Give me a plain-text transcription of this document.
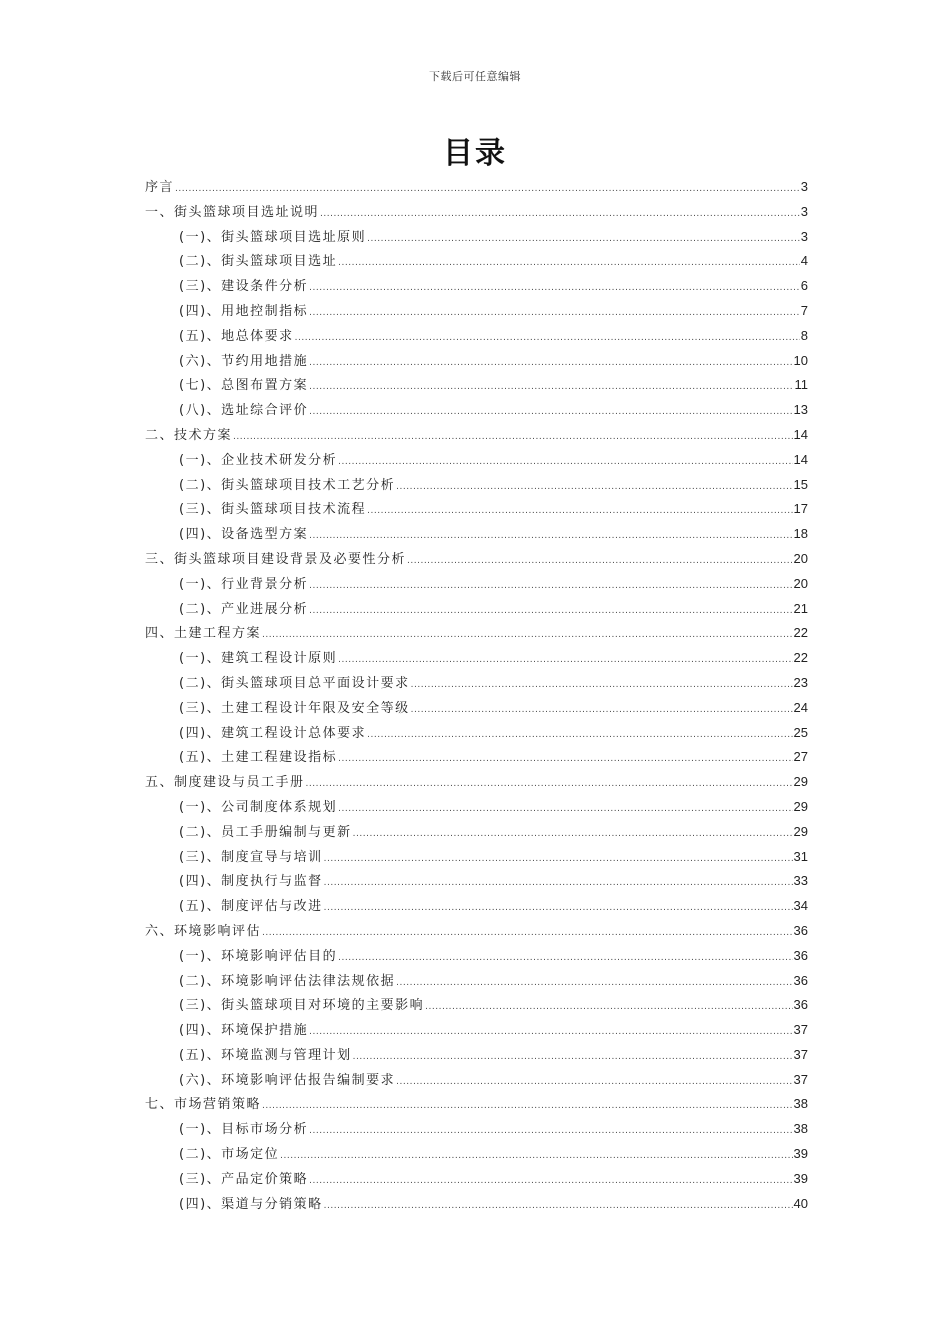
下载后可任意编辑
目录
序言 .....	3
一、街头篮球项目选址说明 .....	3
(一)、街头篮球项目选址原则 .....	3
(二)、街头篮球项目选址 .....	4
(三)、建设条件分析 .....	6
(四)、用地控制指标 .....	7
(五)、地总体要求 .....	8
(六)、节约用地措施 .....	10
(七)、总图布置方案 .....	11
(八)、选址综合评价 .....	13
二、技术方案 .....	14
(一)、企业技术研发分析 .....	14
(二)、街头篮球项目技术工艺分析 .....	15
(三)、街头篮球项目技术流程 .....	17
(四)、设备选型方案 .....	18
三、街头篮球项目建设背景及必要性分析 .....	20
(一)、行业背景分析 .....	20
(二)、产业进展分析 .....	21
四、土建工程方案 .....	22
(一)、建筑工程设计原则 .....	22
(二)、街头篮球项目总平面设计要求 .....	23
(三)、土建工程设计年限及安全等级 .....	24
(四)、建筑工程设计总体要求 .....	25
(五)、土建工程建设指标 .....	27
五、制度建设与员工手册 .....	29
(一)、公司制度体系规划 .....	29
(二)、员工手册编制与更新 .....	29
(三)、制度宣导与培训 .....	31
(四)、制度执行与监督 .....	33
(五)、制度评估与改进 .....	34
六、环境影响评估 .....	36
(一)、环境影响评估目的 .....	36
(二)、环境影响评估法律法规依据 .....	36
(三)、街头篮球项目对环境的主要影响 .....	36
(四)、环境保护措施 .....	37
(五)、环境监测与管理计划 .....	37
(六)、环境影响评估报告编制要求 .....	37
七、市场营销策略 .....	38
(一)、目标市场分析 .....	38
(二)、市场定位 .....	39
(三)、产品定价策略 .....	39
(四)、渠道与分销策略 .....	40
